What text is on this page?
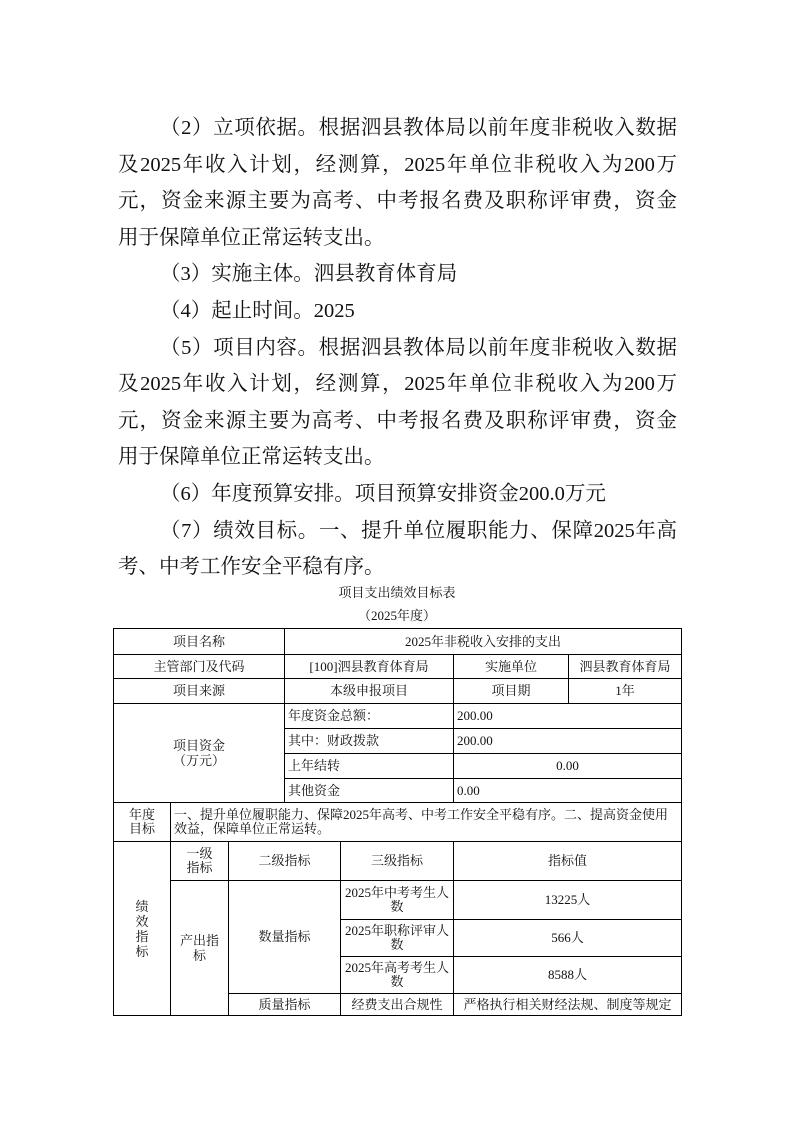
（2）立项依据。根据泗县教体局以前年度非税收入数据
及2025年收入计划，经测算，2025年单位非税收入为200万
元，资金来源主要为高考、中考报名费及职称评审费，资金
用于保障单位正常运转支出。
（3）实施主体。泗县教育体育局
（4）起止时间。2025
（5）项目内容。根据泗县教体局以前年度非税收入数据
及2025年收入计划，经测算，2025年单位非税收入为200万
元，资金来源主要为高考、中考报名费及职称评审费，资金
用于保障单位正常运转支出。
（6）年度预算安排。项目预算安排资金200.0万元
（7）绩效目标。一、提升单位履职能力、保障2025年高
考、中考工作安全平稳有序。
项目支出绩效目标表
（2025年度）
项目名称			2025年非税收入安排的支出			
主管部门及代码			[100]泗县教育体育局		实施单位	泗县教育体育局
项目来源			本级申报项目		项目期	1年
项目资金（万元）			年度资金总额：		200.00	
			其中：财政拨款		200.00	
			上年结转		0.00	
			其他资金		0.00	
年度目标	一、提升单位履职能力、保障2025年高考、中考工作安全平稳有序。二、提高资金使用效益，保障单位正常运转。					
绩效指标	一级指标	二级指标		三级指标	指标值	
	产出指标	数量指标		2025年中考考生人数	13225人	
				2025年职称评审人数	566人	
				2025年高考考生人数	8588人	
		质量指标		经费支出合规性	严格执行相关财经法规、制度等规定	
